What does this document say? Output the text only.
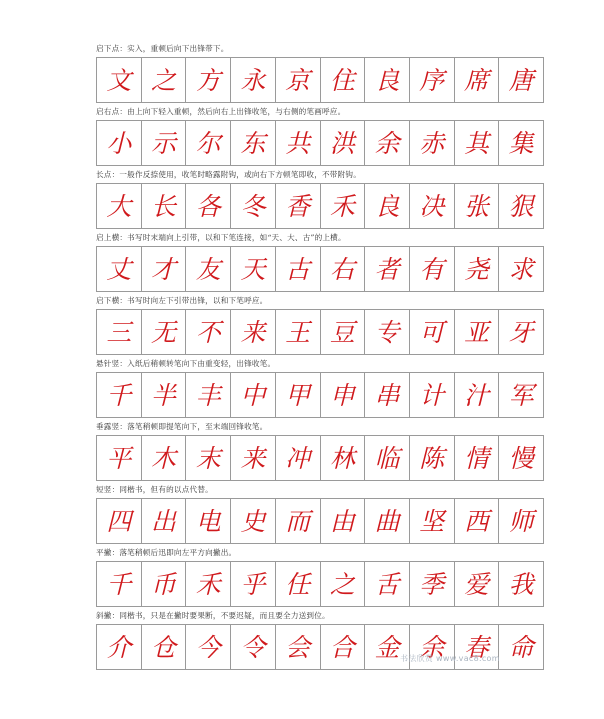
启下点：实入，重顿后向下出锋带下。
文 之 方 永 京 住 良 序 席 唐
启右点：由上向下轻入重顿，然后向右上出锋收笔，与右侧的笔画呼应。
小 示 尔 东 共 洪 余 赤 其 集
长点：一般作反捺使用，收笔时略露附钩，或向右下方顿笔即收，不带附钩。
大 长 各 冬 香 禾 良 决 张 狠
启上横：书写时末端向上引带，以和下笔连接，如“天、大、古”的上横。
丈 才 友 天 古 右 者 有 尧 求
启下横：书写时向左下引带出锋，以和下笔呼应。
三 无 不 来 王 豆 专 可 亚 牙
悬针竖：入纸后稍顿转笔向下由重变轻，出锋收笔。
千 半 丰 中 甲 申 串 计 汁 军
垂露竖：落笔稍顿即提笔向下，至末端回锋收笔。
平 木 末 来 冲 林 临 陈 情 慢
短竖：同楷书，但有的以点代替。
四 出 电 史 而 由 曲 坚 西 师
平撇：落笔稍顿后迅即向左平方向撇出。
千 币 禾 乎 任 之 舌 季 爱 我
斜撇：同楷书，只是在撇时要果断，不要迟疑，而且要全力送到位。
介 仓 今 令 会 合 金 余 春 命
书法欣赏 www.vac8.com
